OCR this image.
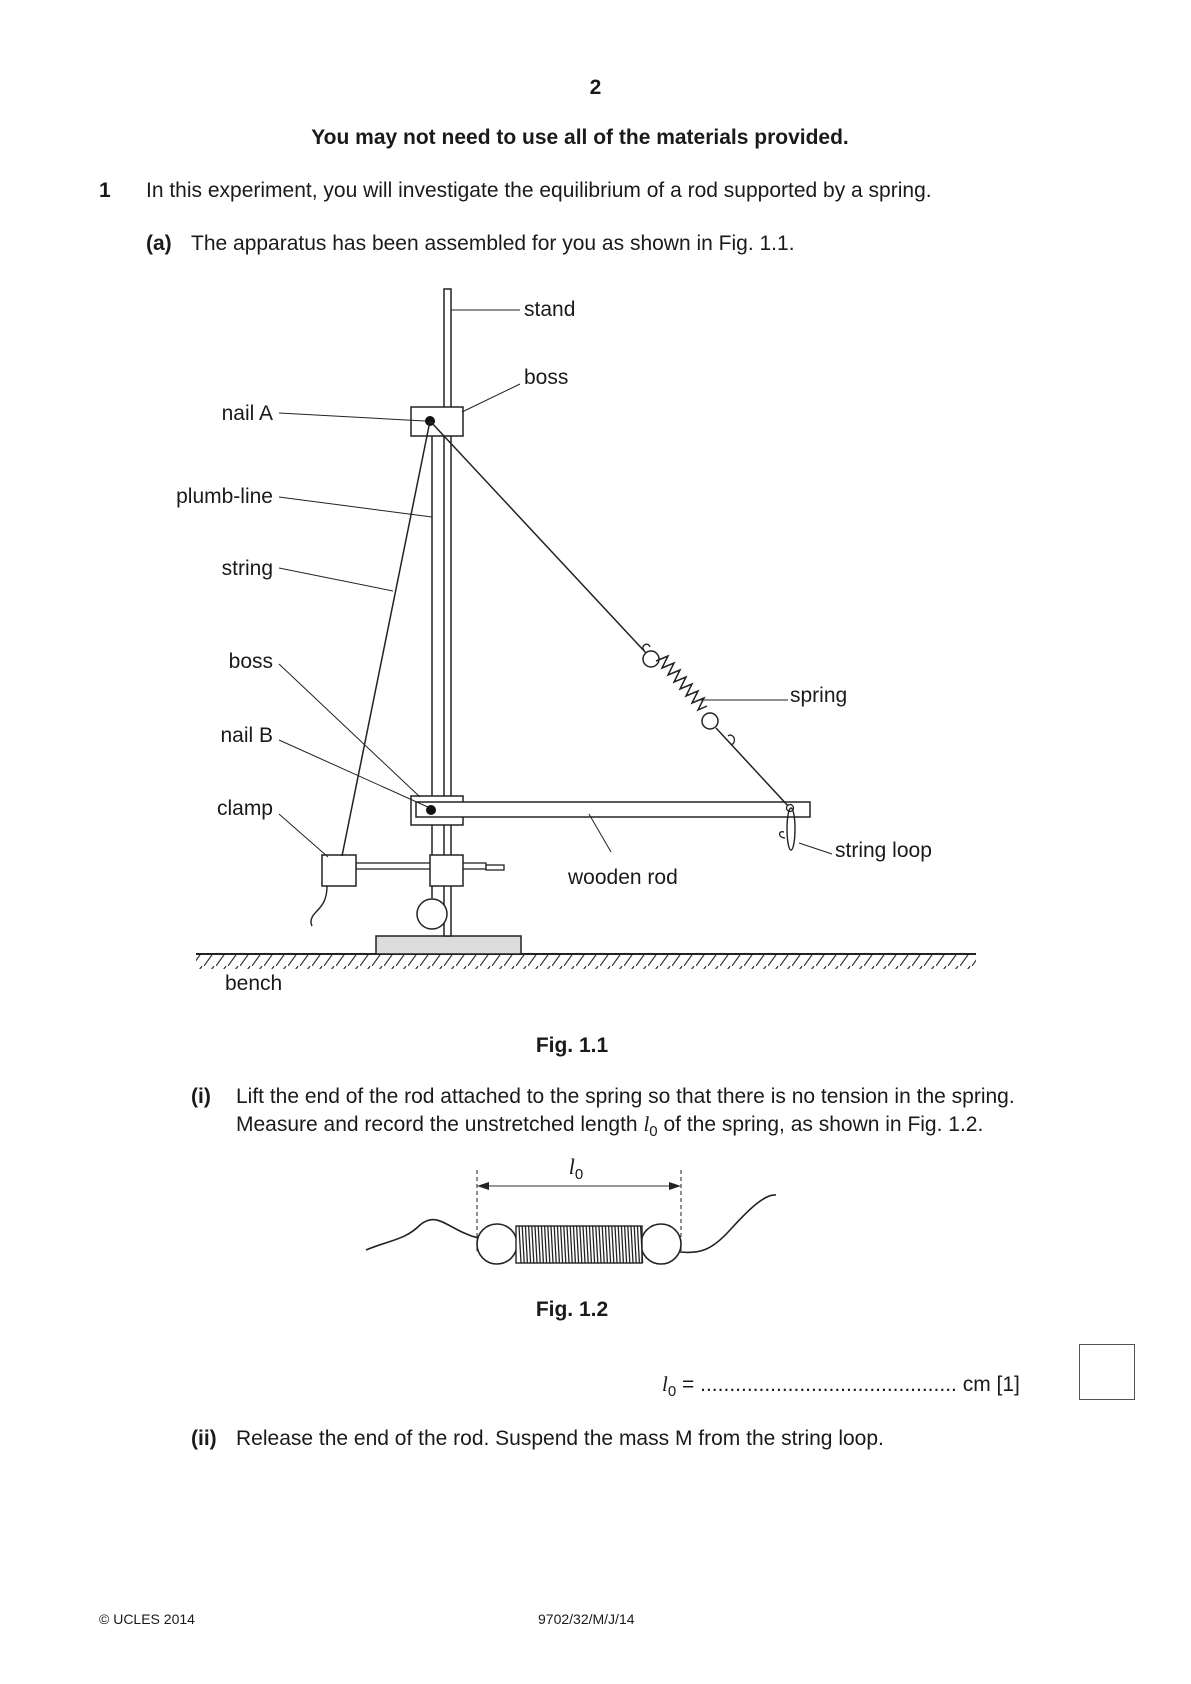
2
You may not need to use all of the materials provided.
1 In this experiment, you will investigate the equilibrium of a rod supported by a spring.
(a) The apparatus has been assembled for you as shown in Fig. 1.1.
stand
boss
nail A
plumb-line
string
boss
nail B
clamp
spring
string loop
wooden rod
bench
Fig. 1.1
(i) Lift the end of the rod attached to the spring so that there is no tension in the spring.
Measure and record the unstretched length $l_0$ of the spring, as shown in Fig. 1.2.
$l_0$
Fig. 1.2
$l_0$ = ............................................ cm [1]
(ii) Release the end of the rod. Suspend the mass M from the string loop.
© UCLES 2014	9702/32/M/J/14
